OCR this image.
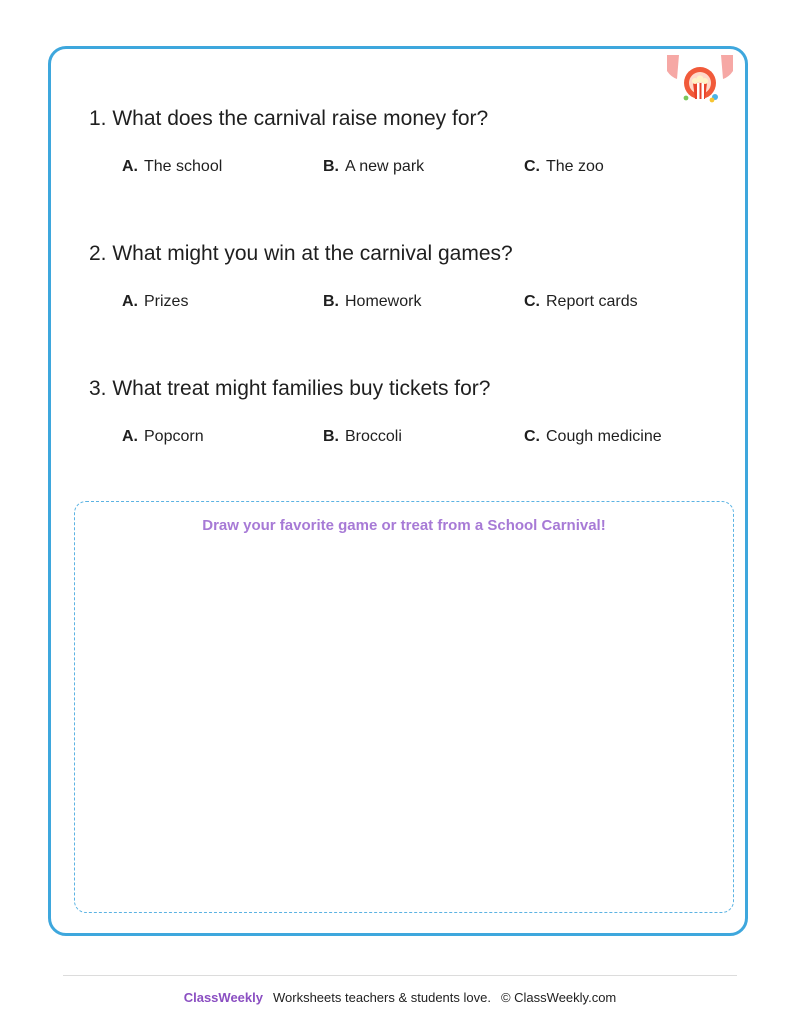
1. What does the carnival raise money for?
A. The school	B. A new park	C. The zoo
2. What might you win at the carnival games?
A. Prizes	B. Homework	C. Report cards
3. What treat might families buy tickets for?
A. Popcorn	B. Broccoli	C. Cough medicine
Draw your favorite game or treat from a School Carnival!
ClassWeekly Worksheets teachers & students love. © ClassWeekly.com
